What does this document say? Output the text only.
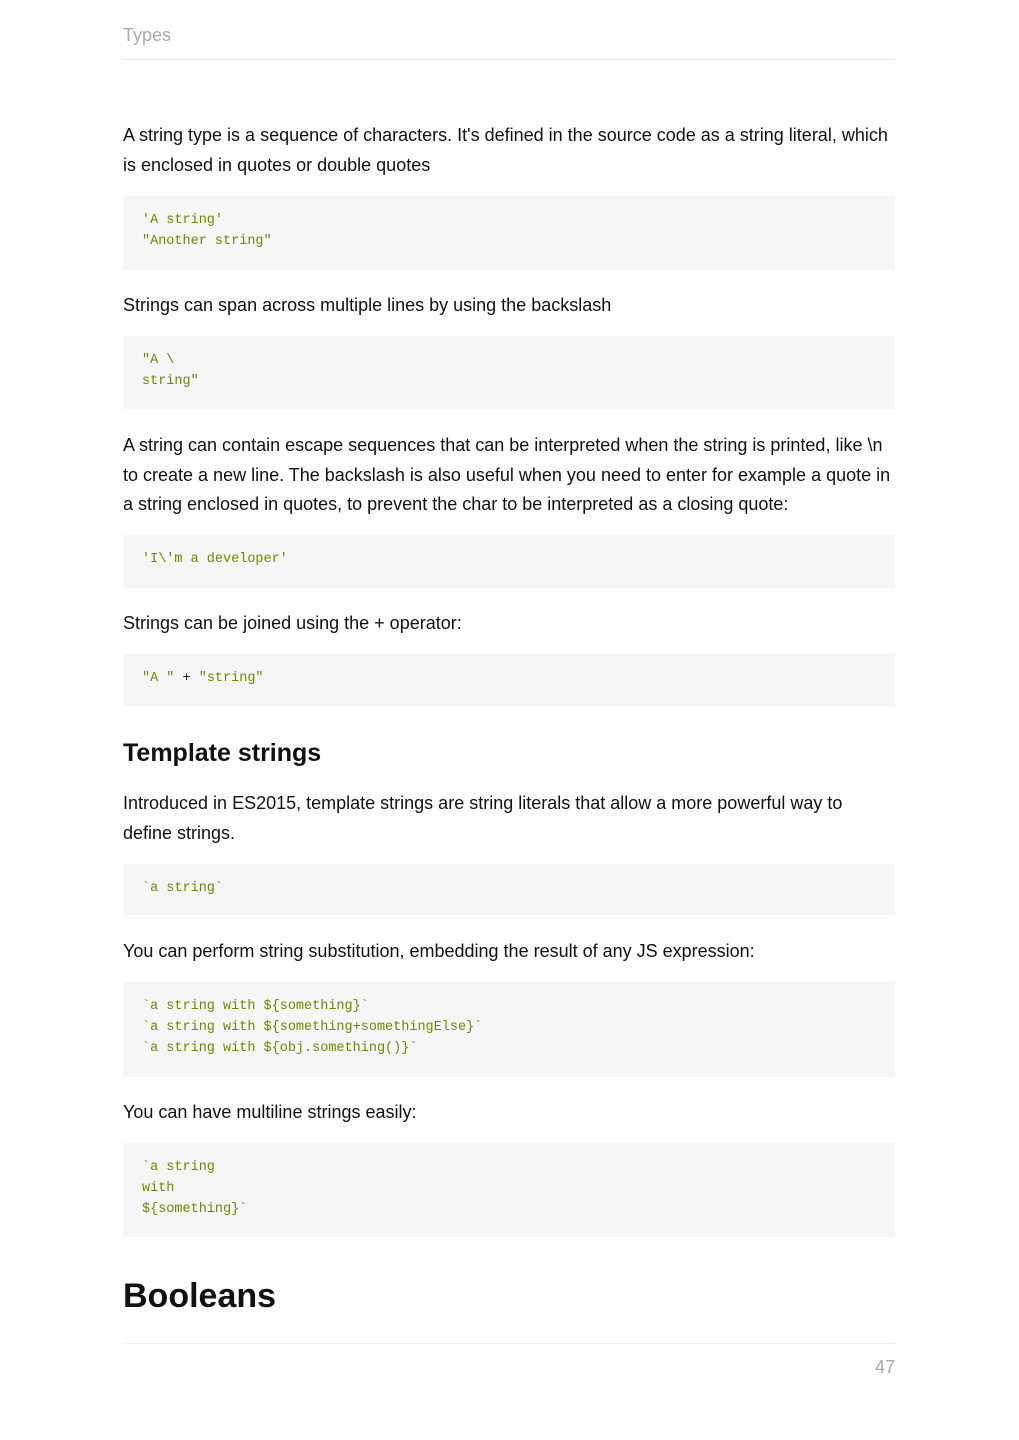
Types

A string type is a sequence of characters. It's defined in the source code as a string literal, which is enclosed in quotes or double quotes

'A string'
"Another string"

Strings can span across multiple lines by using the backslash

"A \
string"

A string can contain escape sequences that can be interpreted when the string is printed, like \n to create a new line. The backslash is also useful when you need to enter for example a quote in a string enclosed in quotes, to prevent the char to be interpreted as a closing quote:

'I\'m a developer'

Strings can be joined using the + operator:

"A " + "string"
Template strings

Introduced in ES2015, template strings are string literals that allow a more powerful way to define strings.

`a string`

You can perform string substitution, embedding the result of any JS expression:

`a string with ${something}`
`a string with ${something+somethingElse}`
`a string with ${obj.something()}`

You can have multiline strings easily:

`a string
with
${something}`
Booleans
47
